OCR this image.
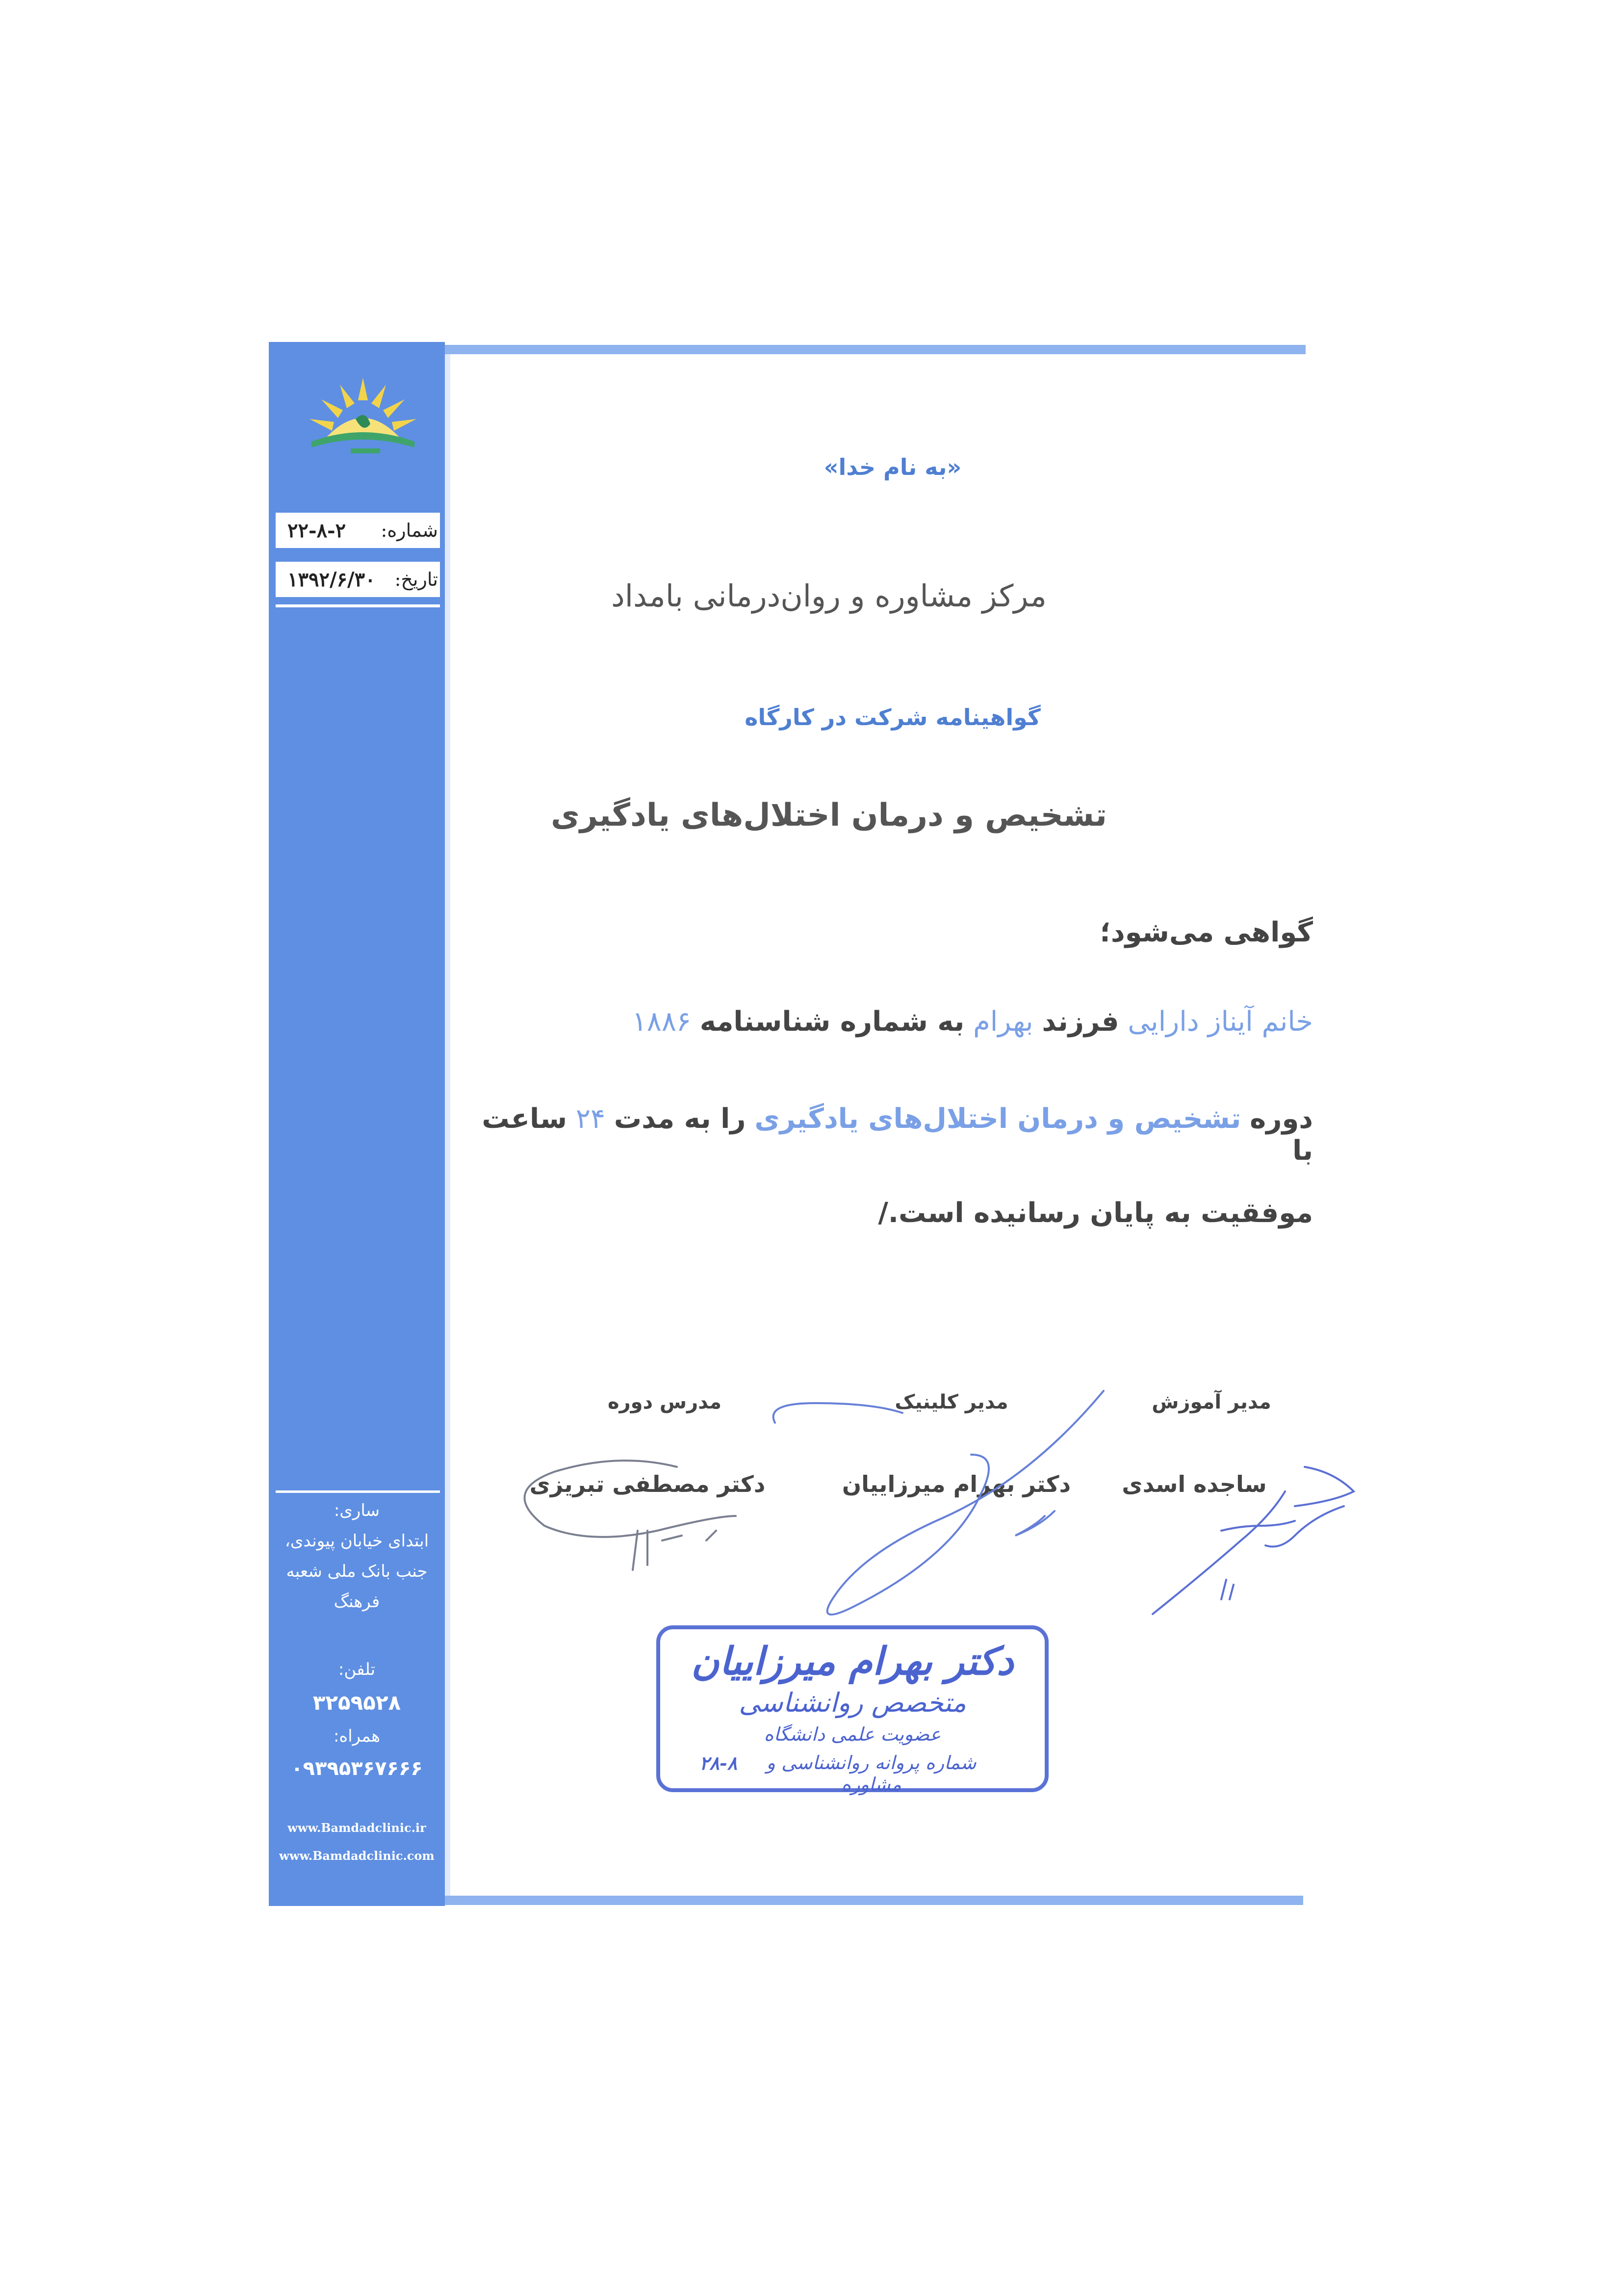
شماره:
۲۲-۸-۲
تاریخ:
۱۳۹۲/۶/۳۰
ساری:
ابتدای خیابان پیوندی،
جنب بانک ملی شعبه
فرهنگ
تلفن:
۳۲۵۹۵۲۸
همراه:
۰۹۳۹۵۳۶۷۶۶۶
www.Bamdadclinic.ir
www.Bamdadclinic.com
«به نام خدا»
مرکز مشاوره و روان‌درمانی بامداد
گواهینامه شرکت در کارگاه
تشخیص و درمان اختلال‌های یادگیری
گواهی می‌شود؛
خانم آیناز دارایی فرزند بهرام به شماره شناسنامه ۱۸۸۶
دوره تشخیص و درمان اختلال‌های یادگیری را به مدت ۲۴ ساعت با
موفقیت به پایان رسانیده است./
مدیر آموزش
مدیر کلینیک
مدرس دوره
ساجده اسدی
دکتر بهرام میرزاییان
دکتر مصطفی تبریزی
دکتر بهرام میرزاییان
متخصص روانشناسی
عضویت علمی دانشگاه
شماره پروانه روانشناسی و مشاوره
۲۸-۸
